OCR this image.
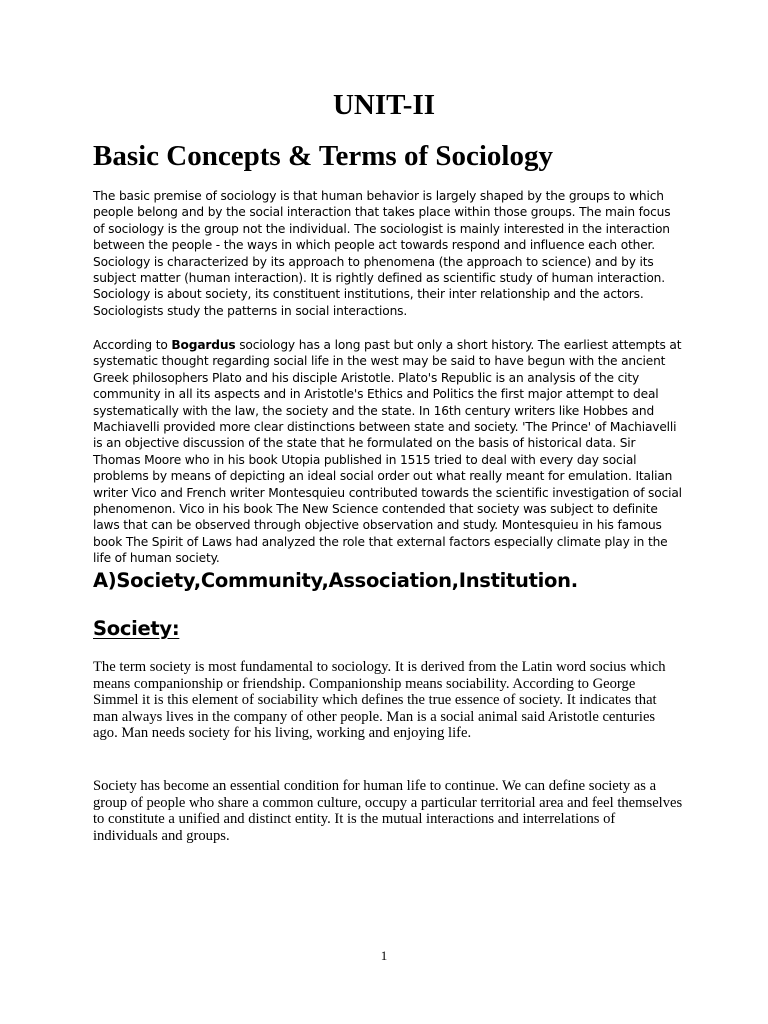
UNIT-II
Basic Concepts & Terms of Sociology

The basic premise of sociology is that human behavior is largely shaped by the groups to which people belong and by the social interaction that takes place within those groups. The main focus of sociology is the group not the individual. The sociologist is mainly interested in the interaction between the people - the ways in which people act towards respond and influence each other. Sociology is characterized by its approach to phenomena (the approach to science) and by its subject matter (human interaction). It is rightly defined as scientific study of human interaction. Sociology is about society, its constituent institutions, their inter relationship and the actors. Sociologists study the patterns in social interactions.

According to Bogardus sociology has a long past but only a short history. The earliest attempts at systematic thought regarding social life in the west may be said to have begun with the ancient Greek philosophers Plato and his disciple Aristotle. Plato's Republic is an analysis of the city community in all its aspects and in Aristotle's Ethics and Politics the first major attempt to deal systematically with the law, the society and the state. In 16th century writers like Hobbes and Machiavelli provided more clear distinctions between state and society. 'The Prince' of Machiavelli is an objective discussion of the state that he formulated on the basis of historical data. Sir Thomas Moore who in his book Utopia published in 1515 tried to deal with every day social problems by means of depicting an ideal social order out what really meant for emulation. Italian writer Vico and French writer Montesquieu contributed towards the scientific investigation of social phenomenon. Vico in his book The New Science contended that society was subject to definite laws that can be observed through objective observation and study. Montesquieu in his famous book The Spirit of Laws had analyzed the role that external factors especially climate play in the life of human society.

A)Society,Community,Association,Institution.
Society:

The term society is most fundamental to sociology. It is derived from the Latin word socius which means companionship or friendship. Companionship means sociability. According to George Simmel it is this element of sociability which defines the true essence of society. It indicates that man always lives in the company of other people. Man is a social animal said Aristotle centuries ago. Man needs society for his living, working and enjoying life.

Society has become an essential condition for human life to continue. We can define society as a group of people who share a common culture, occupy a particular territorial area and feel themselves to constitute a unified and distinct entity. It is the mutual interactions and interrelations of individuals and groups.

1
